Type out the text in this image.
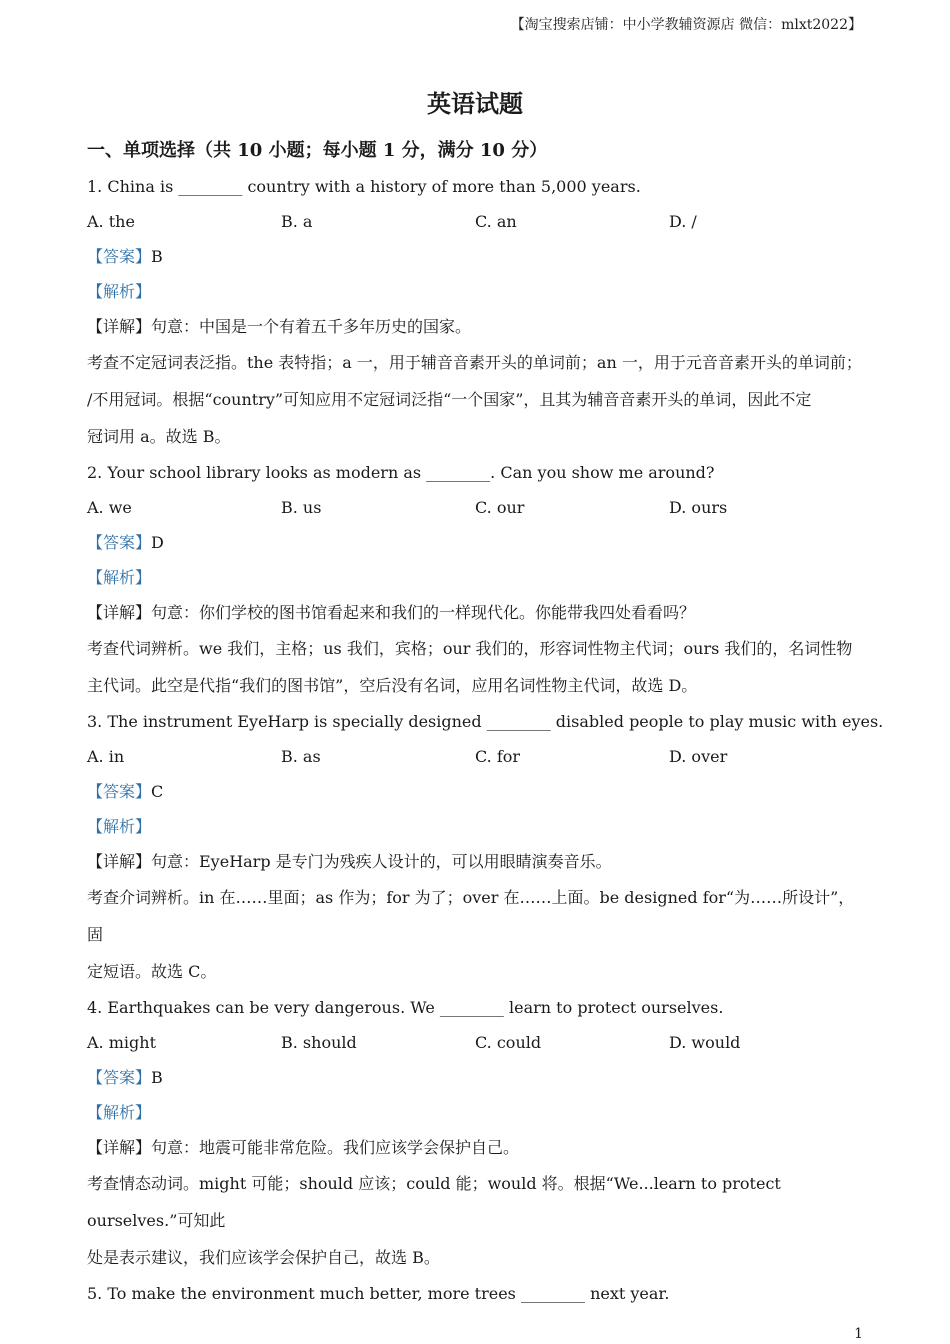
【淘宝搜索店铺：中小学教辅资源店 微信：mlxt2022】
英语试题
一、单项选择（共 10 小题；每小题 1 分，满分 10 分）
1. China is ________ country with a history of more than 5,000 years.
A. the	B. a	C. an	D. /
【答案】B
【解析】
【详解】句意：中国是一个有着五千多年历史的国家。
考查不定冠词表泛指。the 表特指；a 一，用于辅音音素开头的单词前；an 一，用于元音音素开头的单词前；
/不用冠词。根据“country”可知应用不定冠词泛指“一个国家”，且其为辅音音素开头的单词，因此不定
冠词用 a。故选 B。
2. Your school library looks as modern as ________. Can you show me around?
A. we	B. us	C. our	D. ours
【答案】D
【解析】
【详解】句意：你们学校的图书馆看起来和我们的一样现代化。你能带我四处看看吗？
考查代词辨析。we 我们，主格；us 我们，宾格；our 我们的，形容词性物主代词；ours 我们的，名词性物
主代词。此空是代指“我们的图书馆”，空后没有名词，应用名词性物主代词，故选 D。
3. The instrument EyeHarp is specially designed ________ disabled people to play music with eyes.
A. in	B. as	C. for	D. over
【答案】C
【解析】
【详解】句意：EyeHarp 是专门为残疾人设计的，可以用眼睛演奏音乐。
考查介词辨析。in 在……里面；as 作为；for 为了；over 在……上面。be designed for“为……所设计”，固
定短语。故选 C。
4. Earthquakes can be very dangerous. We ________ learn to protect ourselves.
A. might	B. should	C. could	D. would
【答案】B
【解析】
【详解】句意：地震可能非常危险。我们应该学会保护自己。
考查情态动词。might 可能；should 应该；could 能；would 将。根据“We...learn to protect ourselves.”可知此
处是表示建议，我们应该学会保护自己，故选 B。
5. To make the environment much better, more trees ________ next year.
1
